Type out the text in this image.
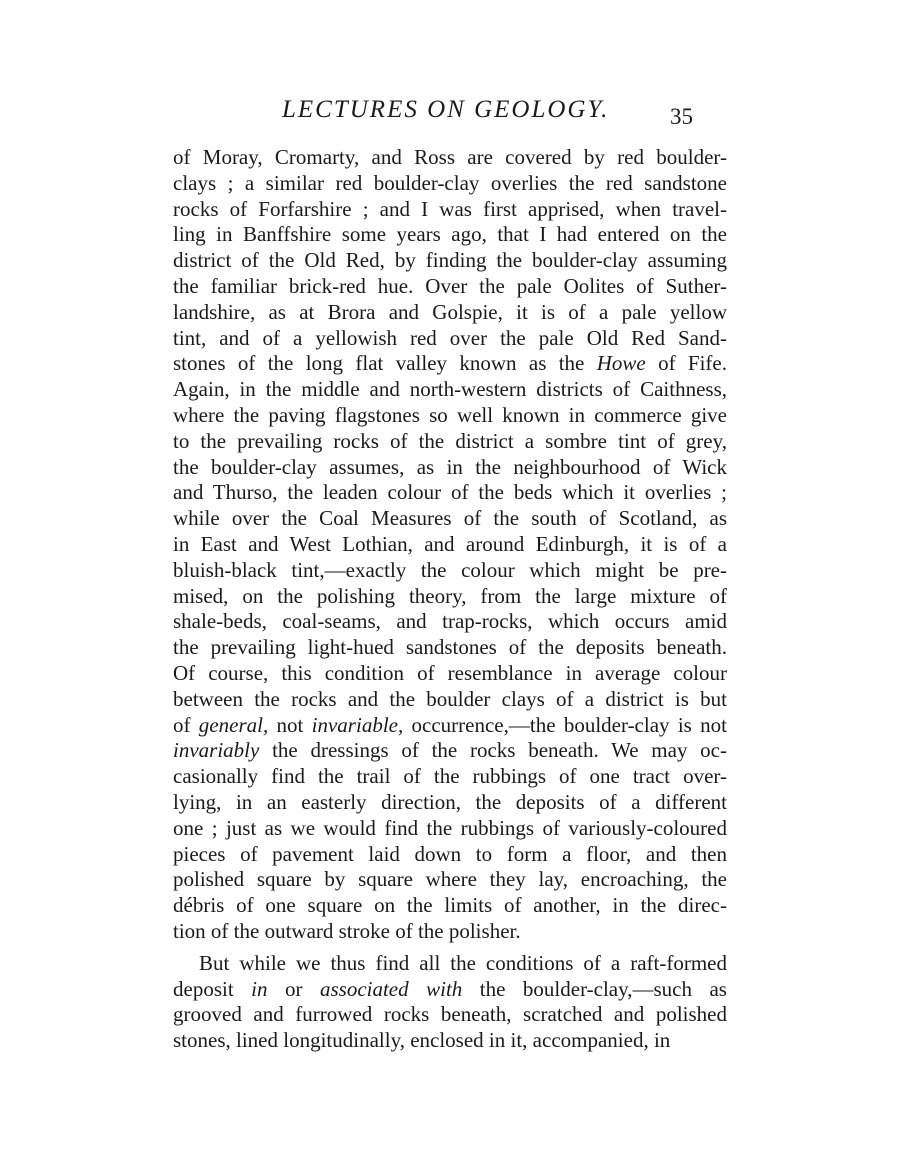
LECTURES ON GEOLOGY.	35
of Moray, Cromarty, and Ross are covered by red boulder-
clays ; a similar red boulder-clay overlies the red sandstone
rocks of Forfarshire ; and I was first apprised, when travel-
ling in Banffshire some years ago, that I had entered on the
district of the Old Red, by finding the boulder-clay assuming
the familiar brick-red hue. Over the pale Oolites of Suther-
landshire, as at Brora and Golspie, it is of a pale yellow
tint, and of a yellowish red over the pale Old Red Sand-
stones of the long flat valley known as the Howe of Fife.
Again, in the middle and north-western districts of Caithness,
where the paving flagstones so well known in commerce give
to the prevailing rocks of the district a sombre tint of grey,
the boulder-clay assumes, as in the neighbourhood of Wick
and Thurso, the leaden colour of the beds which it overlies ;
while over the Coal Measures of the south of Scotland, as
in East and West Lothian, and around Edinburgh, it is of a
bluish-black tint,—exactly the colour which might be pre-
mised, on the polishing theory, from the large mixture of
shale-beds, coal-seams, and trap-rocks, which occurs amid
the prevailing light-hued sandstones of the deposits beneath.
Of course, this condition of resemblance in average colour
between the rocks and the boulder clays of a district is but
of general, not invariable, occurrence,—the boulder-clay is not
invariably the dressings of the rocks beneath. We may oc-
casionally find the trail of the rubbings of one tract over-
lying, in an easterly direction, the deposits of a different
one ; just as we would find the rubbings of variously-coloured
pieces of pavement laid down to form a floor, and then
polished square by square where they lay, encroaching, the
débris of one square on the limits of another, in the direc-
tion of the outward stroke of the polisher.
But while we thus find all the conditions of a raft-formed
deposit in or associated with the boulder-clay,—such as
grooved and furrowed rocks beneath, scratched and polished
stones, lined longitudinally, enclosed in it, accompanied, in
